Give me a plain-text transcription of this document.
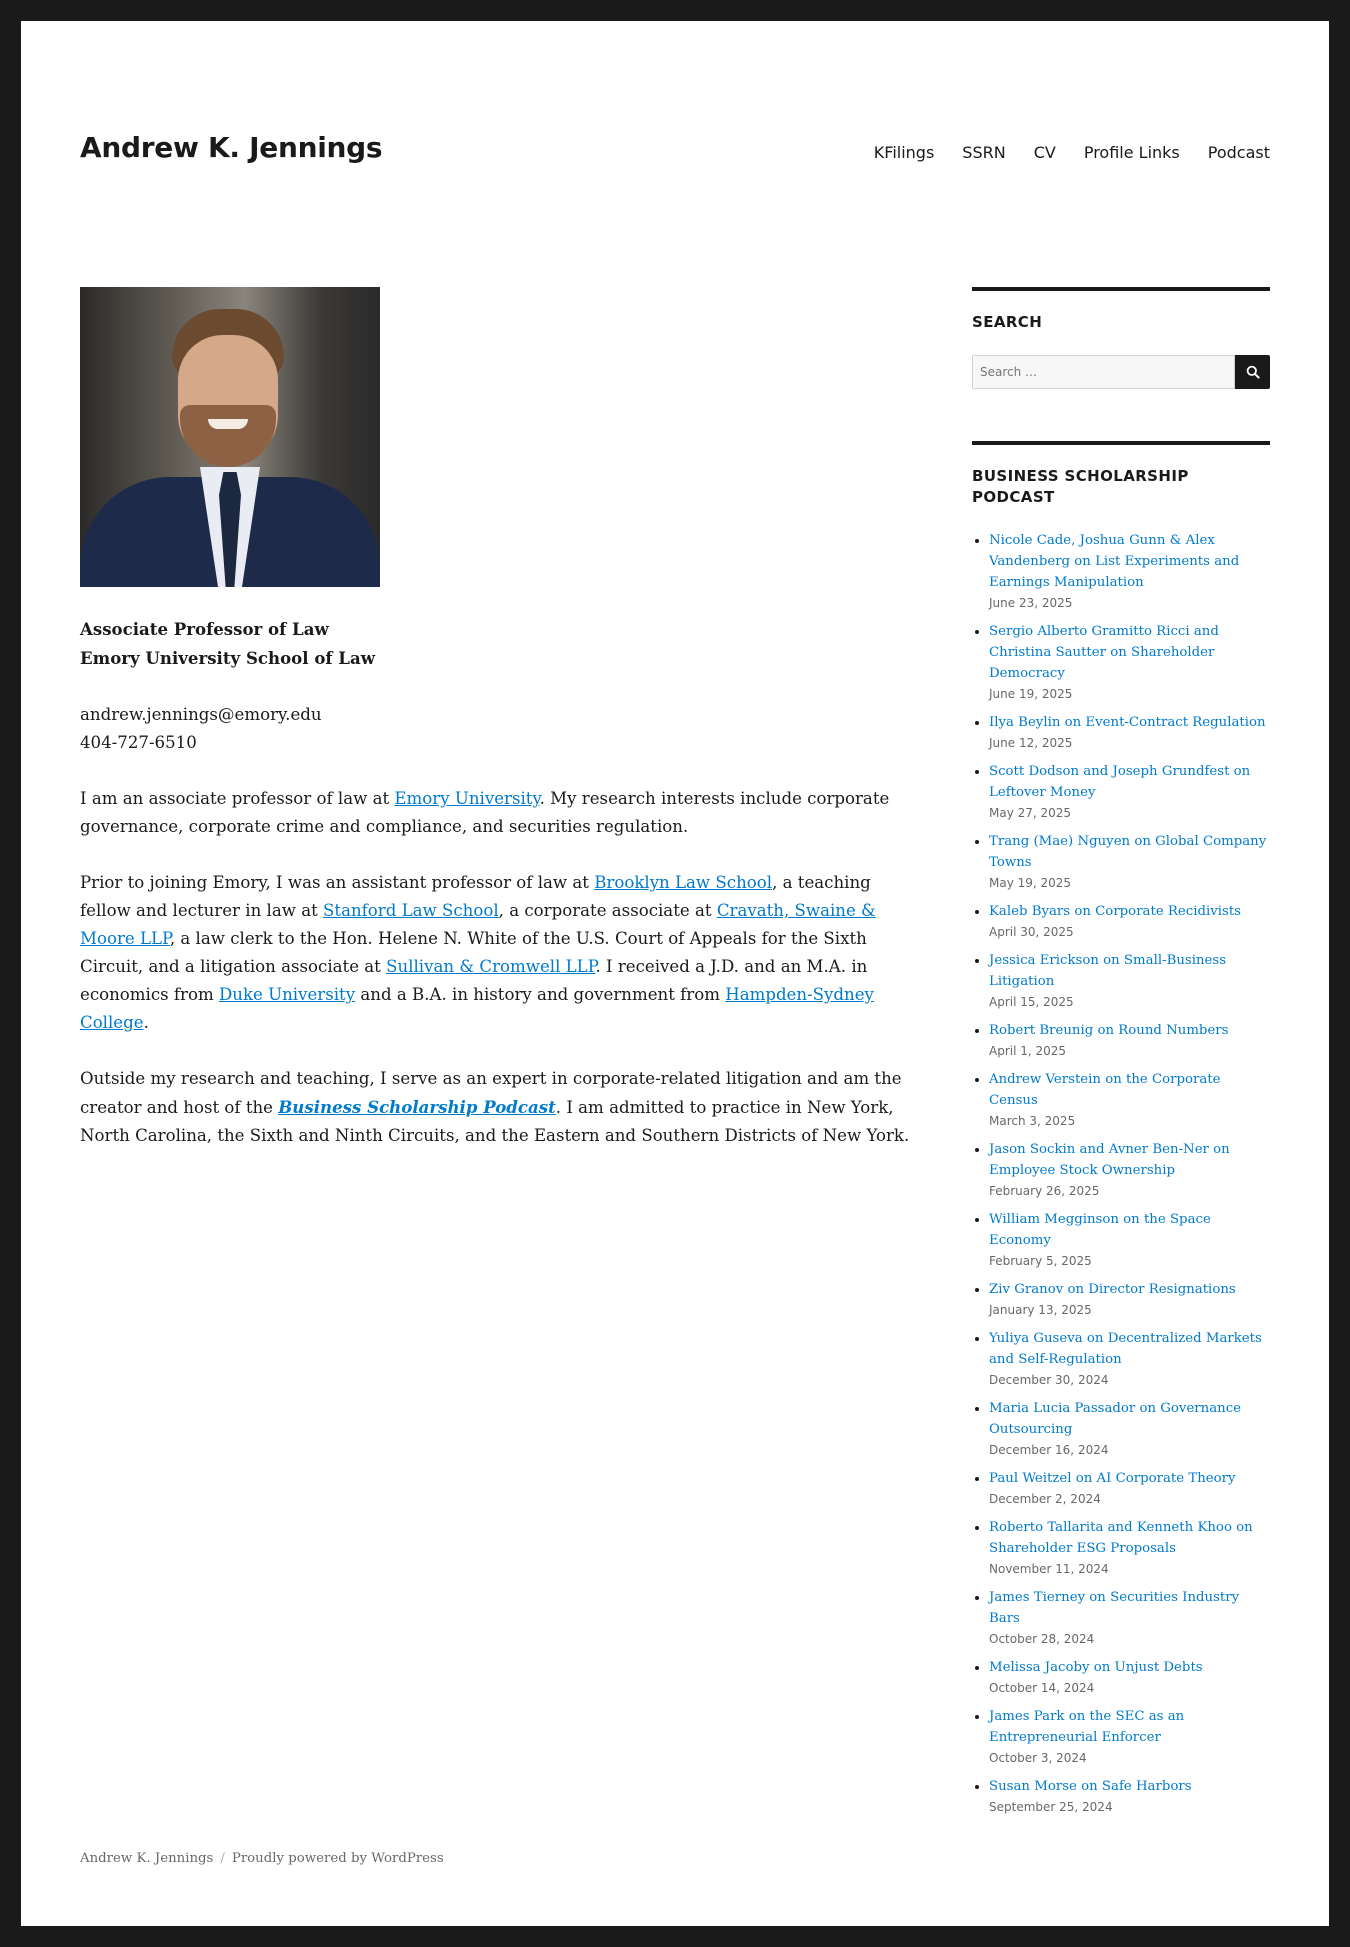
Andrew K. Jennings	KFilings SSRN CV Profile Links Podcast

Associate Professor of Law
Emory University School of Law

andrew.jennings@emory.edu
404-727-6510

I am an associate professor of law at Emory University. My research interests include corporate governance, corporate crime and compliance, and securities regulation.

Prior to joining Emory, I was an assistant professor of law at Brooklyn Law School, a teaching fellow and lecturer in law at Stanford Law School, a corporate associate at Cravath, Swaine & Moore LLP, a law clerk to the Hon. Helene N. White of the U.S. Court of Appeals for the Sixth Circuit, and a litigation associate at Sullivan & Cromwell LLP. I received a J.D. and an M.A. in economics from Duke University and a B.A. in history and government from Hampden-Sydney College.

Outside my research and teaching, I serve as an expert in corporate-related litigation and am the creator and host of the Business Scholarship Podcast. I am admitted to practice in New York, North Carolina, the Sixth and Ninth Circuits, and the Eastern and Southern Districts of New York.

SEARCH
Search …
BUSINESS SCHOLARSHIP PODCAST
• Nicole Cade, Joshua Gunn & Alex Vandenberg on List Experiments and Earnings Manipulation
June 23, 2025
• Sergio Alberto Gramitto Ricci and Christina Sautter on Shareholder Democracy
June 19, 2025
• Ilya Beylin on Event-Contract Regulation
June 12, 2025
• Scott Dodson and Joseph Grundfest on Leftover Money
May 27, 2025
• Trang (Mae) Nguyen on Global Company Towns
May 19, 2025
• Kaleb Byars on Corporate Recidivists
April 30, 2025
• Jessica Erickson on Small-Business Litigation
April 15, 2025
• Robert Breunig on Round Numbers
April 1, 2025
• Andrew Verstein on the Corporate Census
March 3, 2025
• Jason Sockin and Avner Ben-Ner on Employee Stock Ownership
February 26, 2025
• William Megginson on the Space Economy
February 5, 2025
• Ziv Granov on Director Resignations
January 13, 2025
• Yuliya Guseva on Decentralized Markets and Self-Regulation
December 30, 2024
• Maria Lucia Passador on Governance Outsourcing
December 16, 2024
• Paul Weitzel on AI Corporate Theory
December 2, 2024
• Roberto Tallarita and Kenneth Khoo on Shareholder ESG Proposals
November 11, 2024
• James Tierney on Securities Industry Bars
October 28, 2024
• Melissa Jacoby on Unjust Debts
October 14, 2024
• James Park on the SEC as an Entrepreneurial Enforcer
October 3, 2024
• Susan Morse on Safe Harbors
September 25, 2024
Andrew K. Jennings / Proudly powered by WordPress
